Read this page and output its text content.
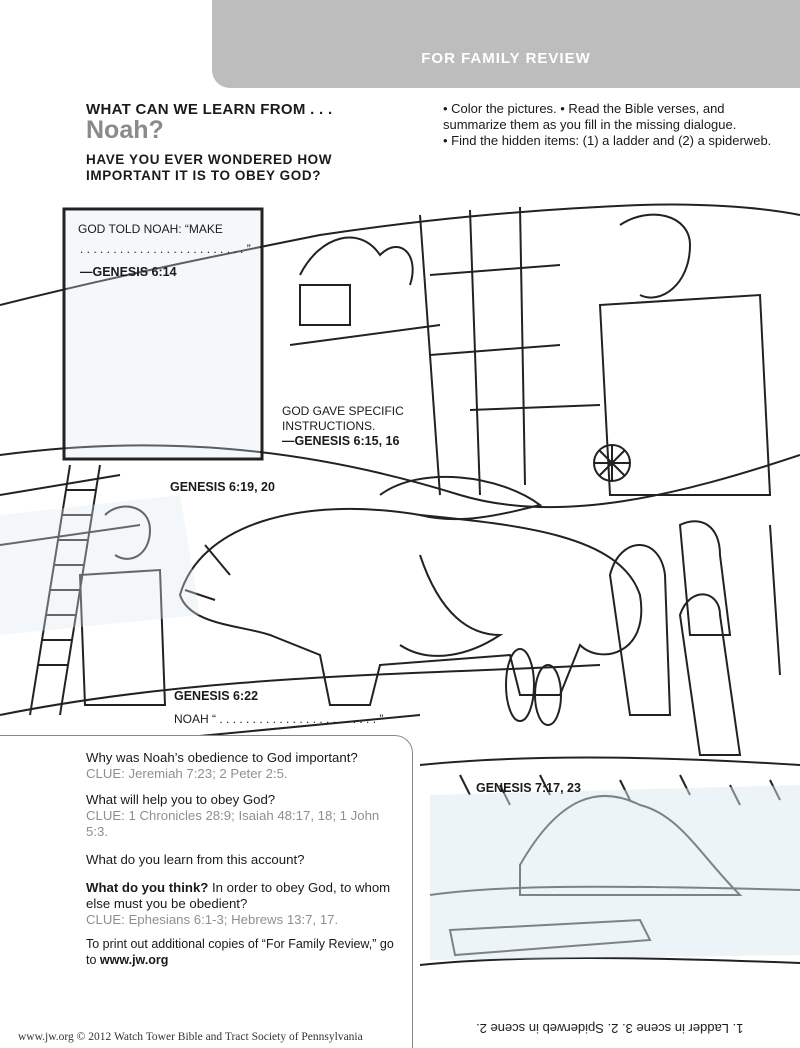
FOR FAMILY REVIEW
WHAT CAN WE LEARN FROM . . .
Noah?
HAVE YOU EVER WONDERED HOW IMPORTANT IT IS TO OBEY GOD?

• Color the pictures. • Read the Bible verses, and summarize them as you fill in the missing dialogue.

• Find the hidden items: (1) a ladder and (2) a spiderweb.

GOD TOLD NOAH: “MAKE
. . . . . . . . . . . . . . . . . . . . . . . . . ”
—GENESIS 6:14
GOD GAVE SPECIFIC INSTRUCTIONS.
—GENESIS 6:15, 16
GENESIS 6:19, 20
GENESIS 6:22
NOAH “ . . . . . . . . . . . . . . . . . . . . . . . . ”
GENESIS 7:17, 23
Why was Noah’s obedience to God important?
CLUE: Jeremiah 7:23; 2 Peter 2:5.
What will help you to obey God?
CLUE: 1 Chronicles 28:9; Isaiah 48:17, 18; 1 John 5:3.
What do you learn from this account?
What do you think? In order to obey God, to whom else must you be obedient?
CLUE: Ephesians 6:1-3; Hebrews 13:7, 17.
To print out additional copies of “For Family Review,” go to www.jw.org
www.jw.org © 2012 Watch Tower Bible and Tract Society of Pennsylvania
1. Ladder in scene 3. 2. Spiderweb in scene 2.
